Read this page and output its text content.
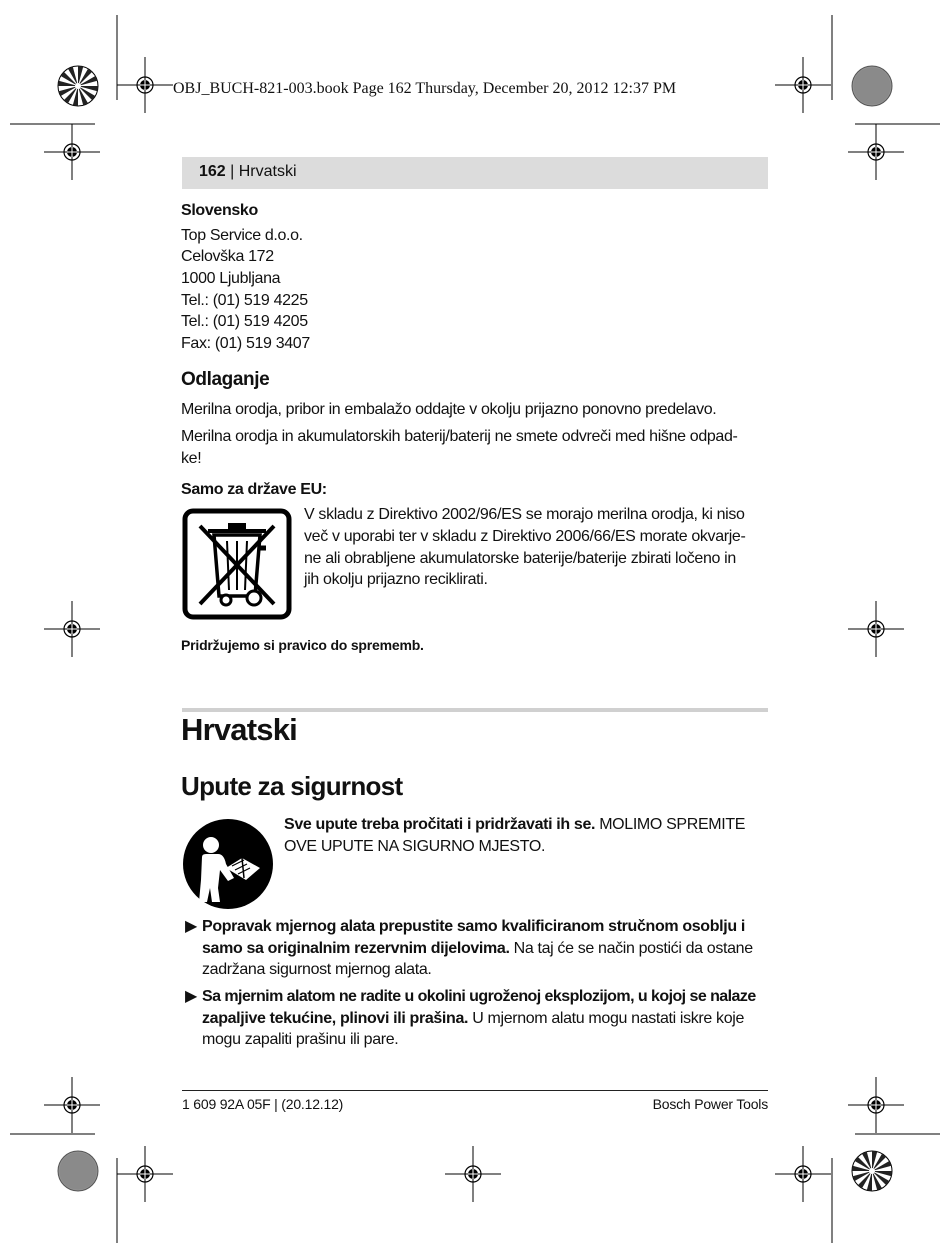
OBJ_BUCH-821-003.book Page 162 Thursday, December 20, 2012 12:37 PM
162 | Hrvatski
Slovensko
Top Service d.o.o.
Celovška 172
1000 Ljubljana
Tel.: (01) 519 4225
Tel.: (01) 519 4205
Fax: (01) 519 3407
Odlaganje
Merilna orodja, pribor in embalažo oddajte v okolju prijazno ponovno predelavo.
Merilna orodja in akumulatorskih baterij/baterij ne smete odvreči med hišne odpad-
ke!
Samo za države EU:
V skladu z Direktivo 2002/96/ES se morajo merilna orodja, ki niso
več v uporabi ter v skladu z Direktivo 2006/66/ES morate okvarje-
ne ali obrabljene akumulatorske baterije/baterije zbirati ločeno in
jih okolju prijazno reciklirati.
Pridržujemo si pravico do sprememb.
Hrvatski
Upute za sigurnost
Sve upute treba pročitati i pridržavati ih se. MOLIMO SPREMITE
OVE UPUTE NA SIGURNO MJESTO.
▶ Popravak mjernog alata prepustite samo kvalificiranom stručnom osoblju i
samo sa originalnim rezervnim dijelovima. Na taj će se način postići da ostane
zadržana sigurnost mjernog alata.
▶ Sa mjernim alatom ne radite u okolini ugroženoj eksplozijom, u kojoj se nalaze
zapaljive tekućine, plinovi ili prašina. U mjernom alatu mogu nastati iskre koje
mogu zapaliti prašinu ili pare.
1 609 92A 05F | (20.12.12)	Bosch Power Tools
